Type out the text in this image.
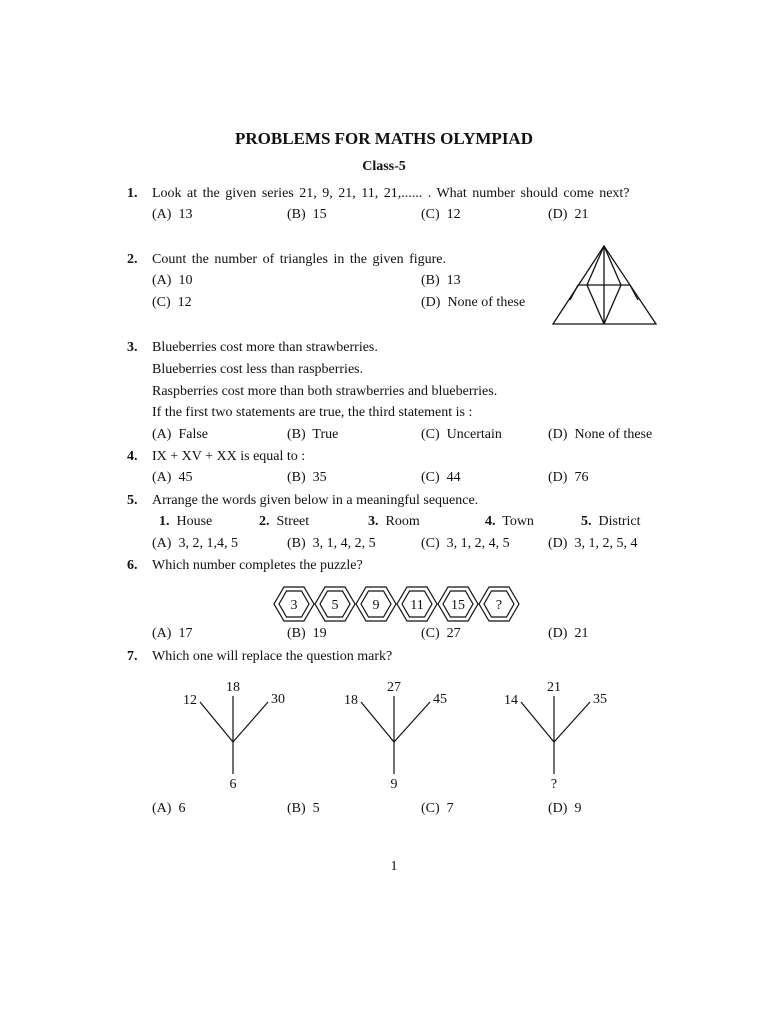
PROBLEMS FOR MATHS OLYMPIAD
Class-5
1. Look at the given series 21, 9, 21, 11, 21,...... . What number should come next?
(A) 13	(B) 15	(C) 12	(D) 21
2. Count the number of triangles in the given figure.
(A) 10	(B) 13
(C) 12	(D) None of these
3. Blueberries cost more than strawberries.
Blueberries cost less than raspberries.
Raspberries cost more than both strawberries and blueberries.
If the first two statements are true, the third statement is :
(A) False	(B) True	(C) Uncertain	(D) None of these
4. IX + XV + XX is equal to :
(A) 45	(B) 35	(C) 44	(D) 76
5. Arrange the words given below in a meaningful sequence.
1. House	2. Street	3. Room	4. Town	5. District
(A) 3, 2, 1,4, 5	(B) 3, 1, 4, 2, 5	(C) 3, 1, 2, 4, 5	(D) 3, 1, 2, 5, 4
6. Which number completes the puzzle?
3 5 9 11 15 ?
(A) 17	(B) 19	(C) 27	(D) 21
7. Which one will replace the question mark?
12
18
30
6
18
27
45
9
14
21
35
?
(A) 6	(B) 5	(C) 7	(D) 9
1
